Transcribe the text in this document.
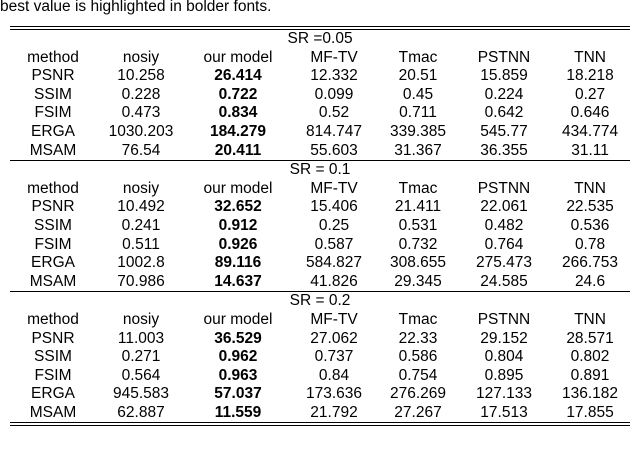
best value is highlighted in bolder fonts.
SR =0.05						
method	nosiy	our model	MF-TV	Tmac	PSTNN	TNN
PSNR	10.258	26.414	12.332	20.51	15.859	18.218
SSIM	0.228	0.722	0.099	0.45	0.224	0.27
FSIM	0.473	0.834	0.52	0.711	0.642	0.646
ERGA	1030.203	184.279	814.747	339.385	545.77	434.774
MSAM	76.54	20.411	55.603	31.367	36.355	31.11
SR = 0.1						
method	nosiy	our model	MF-TV	Tmac	PSTNN	TNN
PSNR	10.492	32.652	15.406	21.411	22.061	22.535
SSIM	0.241	0.912	0.25	0.531	0.482	0.536
FSIM	0.511	0.926	0.587	0.732	0.764	0.78
ERGA	1002.8	89.116	584.827	308.655	275.473	266.753
MSAM	70.986	14.637	41.826	29.345	24.585	24.6
SR = 0.2						
method	nosiy	our model	MF-TV	Tmac	PSTNN	TNN
PSNR	11.003	36.529	27.062	22.33	29.152	28.571
SSIM	0.271	0.962	0.737	0.586	0.804	0.802
FSIM	0.564	0.963	0.84	0.754	0.895	0.891
ERGA	945.583	57.037	173.636	276.269	127.133	136.182
MSAM	62.887	11.559	21.792	27.267	17.513	17.855
